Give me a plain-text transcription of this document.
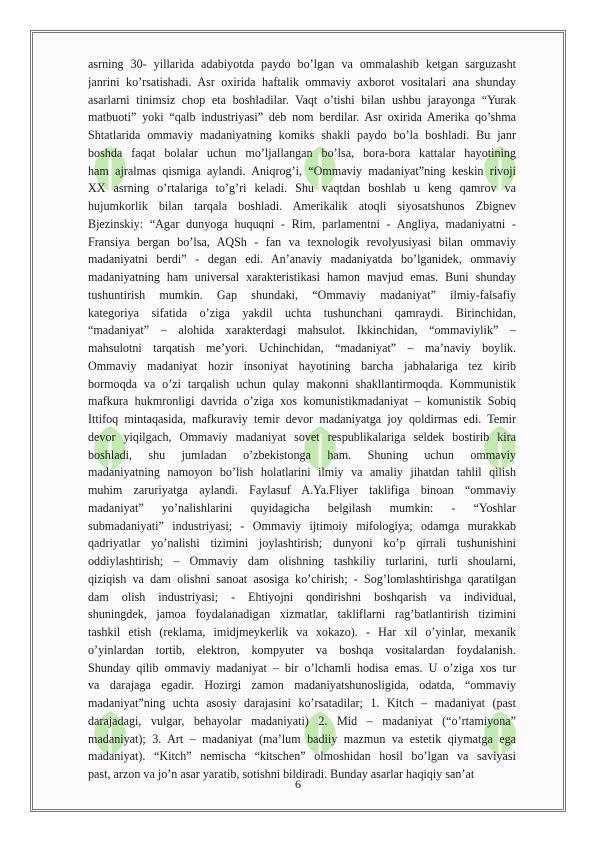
asrning 30- yillarida adabiyotda paydo bo’lgan va ommalashib ketgan sarguzasht
janrini ko’rsatishadi. Asr oxirida haftalik ommaviy axborot vositalari ana shunday
asarlarni tinimsiz chop eta boshladilar. Vaqt o’tishi bilan ushbu jarayonga “Yurak
matbuoti” yoki “qalb industriyasi” deb nom berdilar. Asr oxirida Amerika qo’shma
Shtatlarida ommaviy madaniyatning komiks shakli paydo bo’la boshladi. Bu janr
boshda faqat bolalar uchun mo’ljallangan bo’lsa, bora-bora kattalar hayotining
ham ajralmas qismiga aylandi. Aniqrog’i, “Ommaviy madaniyat”ning keskin rivoji
XX asrning o’rtalariga to’g’ri keladi. Shu vaqtdan boshlab u keng qamrov va
hujumkorlik bilan tarqala boshladi. Amerikalik atoqli siyosatshunos Zbignev
Bjezinskiy: “Agar dunyoga huquqni - Rim, parlamentni - Angliya, madaniyatni -
Fransiya bergan bo’lsa, AQSh - fan va texnologik revolyusiyasi bilan ommaviy
madaniyatni berdi” - degan edi. An’anaviy madaniyatda bo’lganidek, ommaviy
madaniyatning ham universal xarakteristikasi hamon mavjud emas. Buni shunday
tushuntirish mumkin. Gap shundaki, “Ommaviy madaniyat” ilmiy-falsafiy
kategoriya sifatida o’ziga yakdil uchta tushunchani qamraydi. Birinchidan,
“madaniyat” – alohida xarakterdagi mahsulot. Ikkinchidan, “ommaviylik” –
mahsulotni tarqatish me’yori. Uchinchidan, “madaniyat” – ma’naviy boylik.
Ommaviy madaniyat hozir insoniyat hayotining barcha jabhalariga tez kirib
bormoqda va o’zi tarqalish uchun qulay makonni shakllantirmoqda. Kommunistik
mafkura hukmronligi davrida o’ziga xos komunistikmadaniyat – komunistik Sobiq
Ittifoq mintaqasida, mafkuraviy temir devor madaniyatga joy qoldirmas edi. Temir
devor yiqilgach, Ommaviy madaniyat sovet respublikalariga seldek bostirib kira
boshladi, shu jumladan o’zbekistonga ham. Shuning uchun ommaviy
madaniyatning namoyon bo’lish holatlarini ilmiy va amaliy jihatdan tahlil qilish
muhim zaruriyatga aylandi. Faylasuf A.Ya.Fliyer taklifiga binoan “ommaviy
madaniyat” yo’nalishlarini quyidagicha belgilash mumkin: - “Yoshlar
submadaniyati” industriyasi; - Ommaviy ijtimoiy mifologiya; odamga murakkab
qadriyatlar yo’nalishi tizimini joylashtirish; dunyoni ko’p qirrali tushunishini
oddiylashtirish; – Ommaviy dam olishning tashkiliy turlarini, turli shoularni,
qiziqish va dam olishni sanoat asosiga ko’chirish; - Sog’lomlashtirishga qaratilgan
dam olish industriyasi; - Ehtiyojni qondirishni boshqarish va individual,
shuningdek, jamoa foydalanadigan xizmatlar, takliflarni rag’batlantirish tizimini
tashkil etish (reklama, imidjmeykerlik va xokazo). - Har xil o’yinlar, mexanik
o’yinlardan tortib, elektron, kompyuter va boshqa vositalardan foydalanish.
Shunday qilib ommaviy madaniyat – bir o’lchamli hodisa emas. U o’ziga xos tur
va darajaga egadir. Hozirgi zamon madaniyatshunosligida, odatda, “ommaviy
madaniyat”ning uchta asosiy darajasini ko’rsatadilar; 1. Kitch – madaniyat (past
darajadagi, vulgar, behayolar madaniyati) 2. Mid – madaniyat (“o’rtamiyona”
madaniyat); 3. Art – madaniyat (ma’lum badiiy mazmun va estetik qiymatga ega
madaniyat). “Kitch” nemischa “kitschen” olmoshidan hosil bo’lgan va saviyasi
past, arzon va jo’n asar yaratib, sotishni bildiradi. Bunday asarlar haqiqiy san’at
6
